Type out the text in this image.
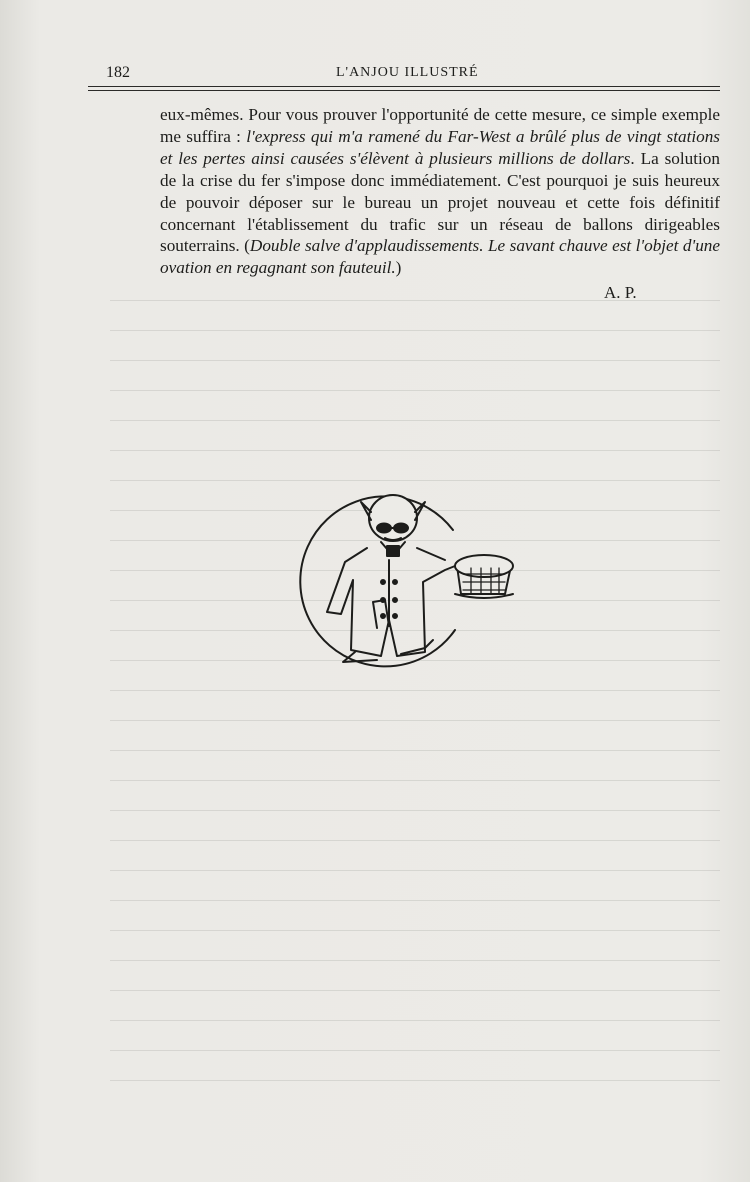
182	L'ANJOU ILLUSTRÉ

eux-mêmes. Pour vous prouver l'opportunité de cette mesure, ce simple exemple me suffira : l'express qui m'a ramené du Far-West a brûlé plus de vingt stations et les pertes ainsi causées s'élèvent à plusieurs millions de dollars. La solution de la crise du fer s'impose donc immédiatement. C'est pourquoi je suis heureux de pouvoir déposer sur le bureau un projet nouveau et cette fois définitif concernant l'établissement du trafic sur un réseau de ballons dirigeables souterrains. (Double salve d'applaudissements. Le savant chauve est l'objet d'une ovation en regagnant son fauteuil.)

A. P.
